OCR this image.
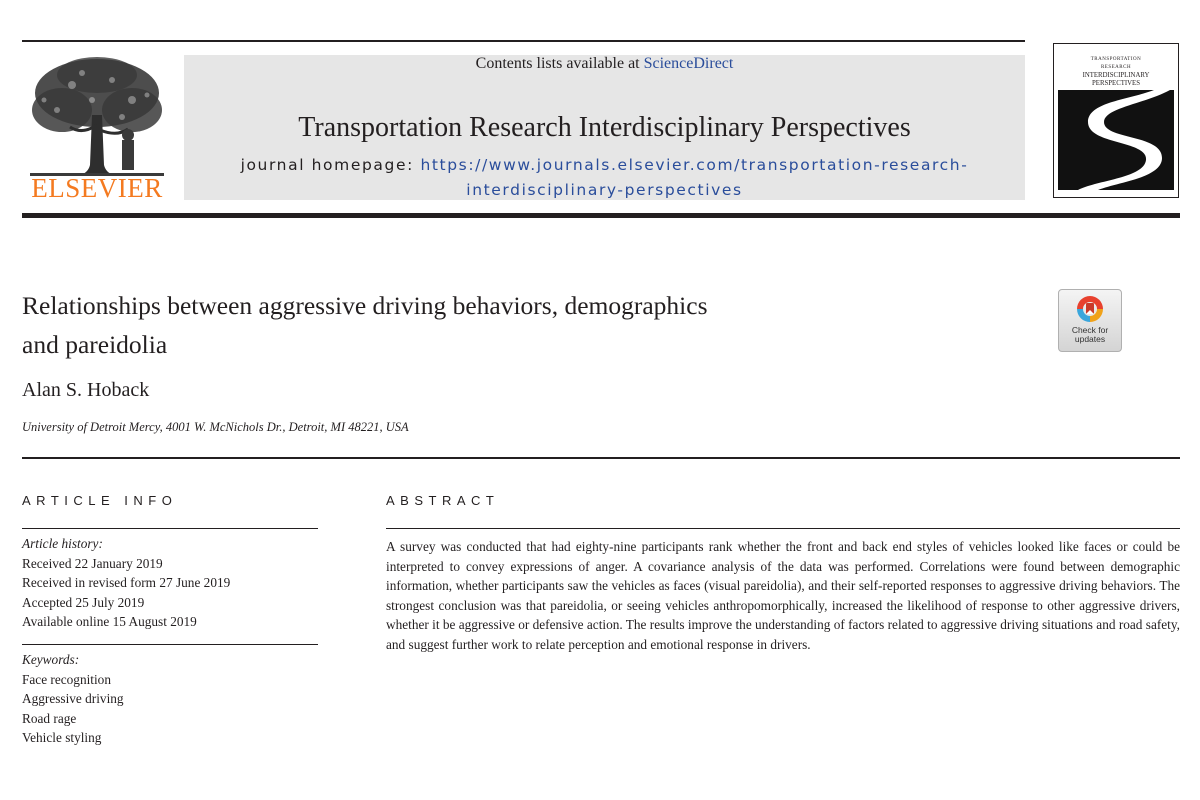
ELSEVIER
Contents lists available at ScienceDirect
Transportation Research Interdisciplinary Perspectives
journal homepage: https://www.journals.elsevier.com/transportation-research-
interdisciplinary-perspectives
TRANSPORTATION
RESEARCH
INTERDISCIPLINARY
PERSPECTIVES
Relationships between aggressive driving behaviors, demographics
and pareidolia
Alan S. Hoback
University of Detroit Mercy, 4001 W. McNichols Dr., Detroit, MI 48221, USA
Check for
updates
ARTICLE INFO
Article history:
Received 22 January 2019
Received in revised form 27 June 2019
Accepted 25 July 2019
Available online 15 August 2019
Keywords:
Face recognition
Aggressive driving
Road rage
Vehicle styling
ABSTRACT
A survey was conducted that had eighty-nine participants rank whether the front and back end styles of vehicles looked like faces or could be interpreted to convey expressions of anger. A covariance analysis of the data was performed. Correlations were found between demographic information, whether participants saw the vehicles as faces (visual pareidolia), and their self-reported responses to aggressive driving behaviors. The strongest conclusion was that pareidolia, or seeing vehicles anthropomorphically, increased the likelihood of response to other aggressive drivers, whether it be aggressive or defensive action. The results improve the understanding of factors related to aggressive driving situations and road safety, and suggest further work to relate perception and emotional response in drivers.
